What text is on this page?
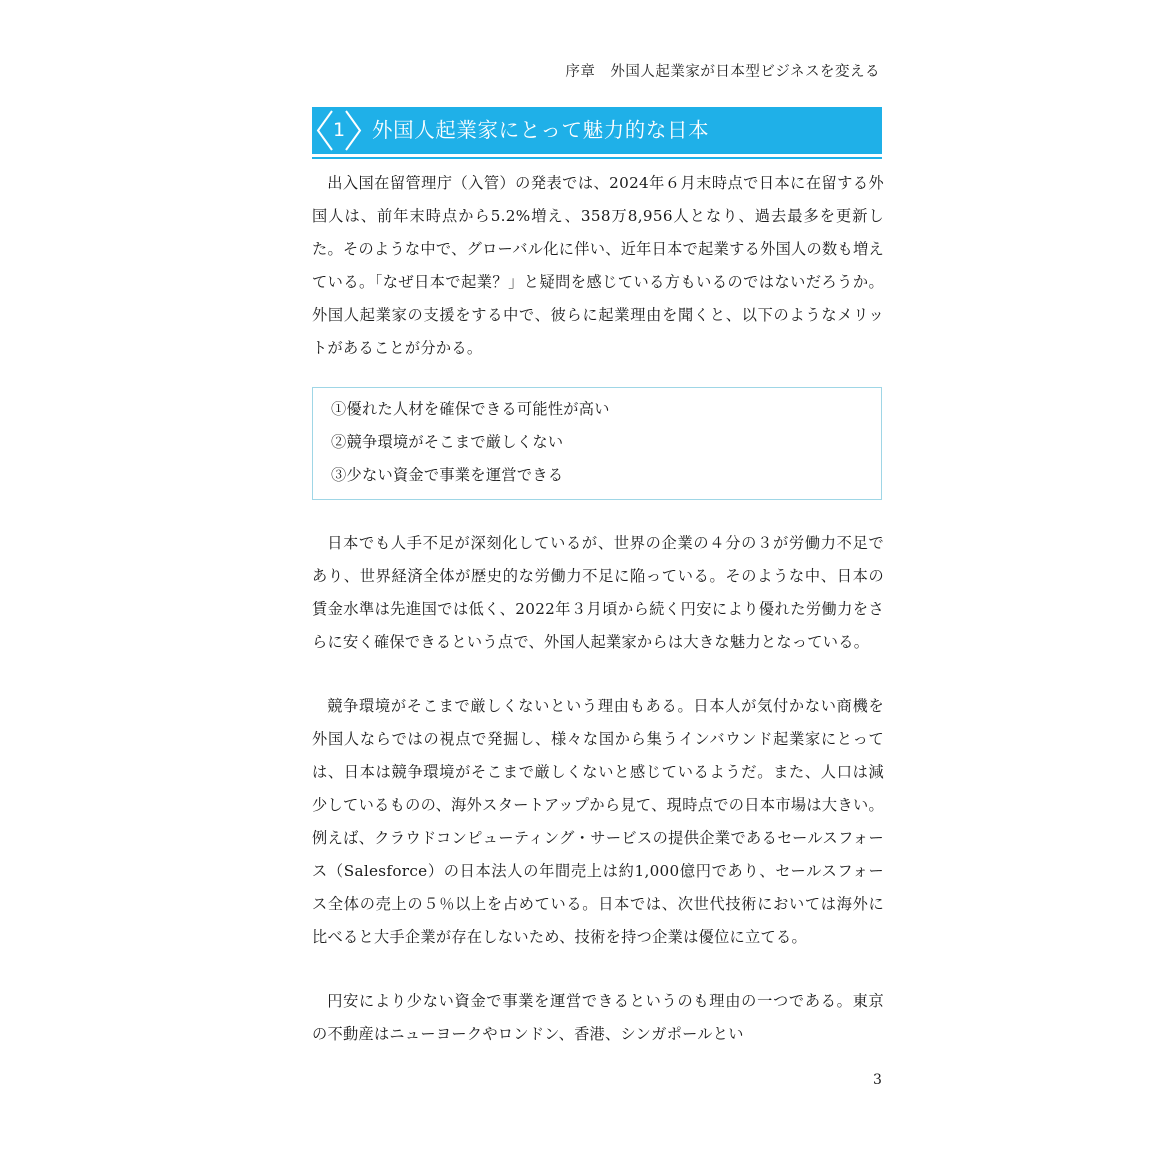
序章　外国人起業家が日本型ビジネスを変える
1	外国人起業家にとって魅力的な日本

出入国在留管理庁（入管）の発表では、2024年６月末時点で日本に在留する外国人は、前年末時点から5.2%増え、358万8,956人となり、過去最多を更新した。そのような中で、グローバル化に伴い、近年日本で起業する外国人の数も増えている。「なぜ日本で起業？」と疑問を感じている方もいるのではないだろうか。外国人起業家の支援をする中で、彼らに起業理由を聞くと、以下のようなメリットがあることが分かる。

①優れた人材を確保できる可能性が高い
②競争環境がそこまで厳しくない
③少ない資金で事業を運営できる

日本でも人手不足が深刻化しているが、世界の企業の４分の３が労働力不足であり、世界経済全体が歴史的な労働力不足に陥っている。そのような中、日本の賃金水準は先進国では低く、2022年３月頃から続く円安により優れた労働力をさらに安く確保できるという点で、外国人起業家からは大きな魅力となっている。

競争環境がそこまで厳しくないという理由もある。日本人が気付かない商機を外国人ならではの視点で発掘し、様々な国から集うインバウンド起業家にとっては、日本は競争環境がそこまで厳しくないと感じているようだ。また、人口は減少しているものの、海外スタートアップから見て、現時点での日本市場は大きい。例えば、クラウドコンピューティング・サービスの提供企業であるセールスフォース（Salesforce）の日本法人の年間売上は約1,000億円であり、セールスフォース全体の売上の５％以上を占めている。日本では、次世代技術においては海外に比べると大手企業が存在しないため、技術を持つ企業は優位に立てる。

円安により少ない資金で事業を運営できるというのも理由の一つである。東京の不動産はニューヨークやロンドン、香港、シンガポールとい

3
